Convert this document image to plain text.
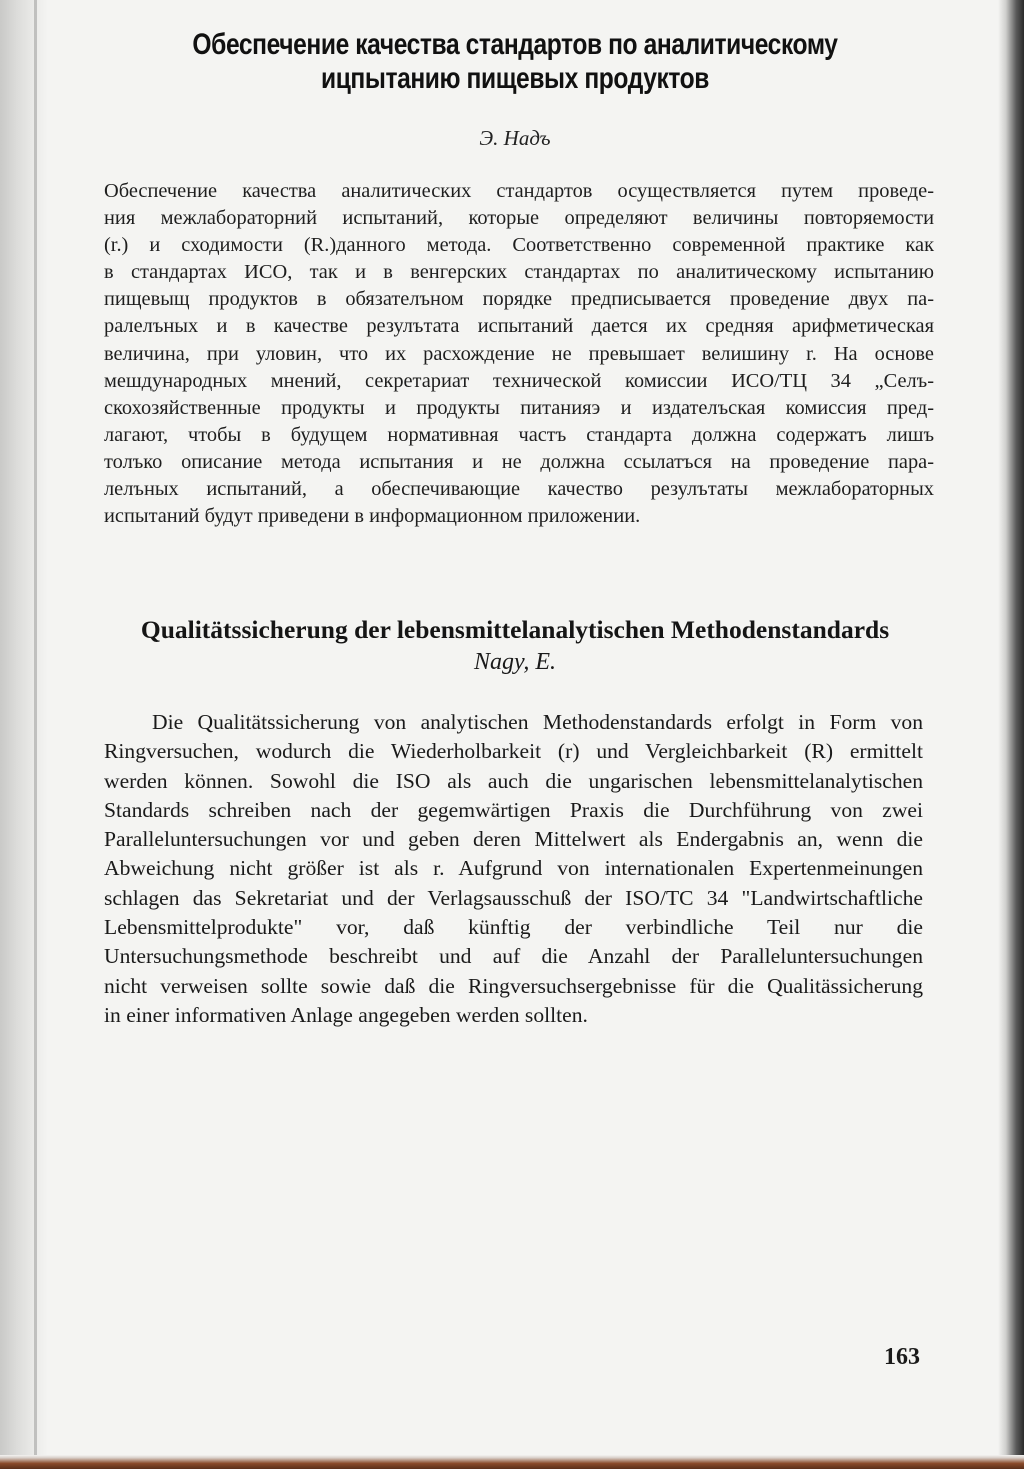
Обеспечение качества стандартов по аналитическому
ицпытанию пищевых продуктов
Э. Надъ
Обеспечение качества аналитических стандартов осуществляется путем проведе-
ния межлабораторний испытаний, которые определяют величины повторяемости
(r.) и сходимости (R.)данного метода. Соответственно современной практике как
в стандартах ИСО, так и в венгерских стандартах по аналитическому испытанию
пищевыщ продуктов в обязателъном порядке предписывается проведение двух па-
ралелъных и в качестве резулътата испытаний дается их средняя арифметическая
величина, при уловин, что их расхождение не превышает велишину r. На основе
мешдународных мнений, секретариат технической комиссии ИСО/ТЦ 34 „Селъ-
скохозяйственные продукты и продукты питанияэ и издателъская комиссия пред-
лагают, чтобы в будущем нормативная частъ стандарта должна содержатъ лишъ
толъко описание метода испытания и не должна ссылатъся на проведение пара-
лелъных испытаний, а обеспечивающие качество резулътаты межлабораторных
испытаний будут приведени в информационном приложении.
Qualitätssicherung der lebensmittelanalytischen Methodenstandards
Nagy, E.
Die Qualitätssicherung von analytischen Methodenstandards erfolgt in Form von
Ringversuchen, wodurch die Wiederholbarkeit (r) und Vergleichbarkeit (R) ermittelt
werden können. Sowohl die ISO als auch die ungarischen lebensmittelanalytischen
Standards schreiben nach der gegemwärtigen Praxis die Durchführung von zwei
Paralleluntersuchungen vor und geben deren Mittelwert als Endergabnis an, wenn die
Abweichung nicht größer ist als r. Aufgrund von internationalen Expertenmeinungen
schlagen das Sekretariat und der Verlagsausschuß der ISO/TC 34 "Landwirtschaftliche
Lebensmittelprodukte" vor, daß künftig der verbindliche Teil nur die
Untersuchungsmethode beschreibt und auf die Anzahl der Paralleluntersuchungen
nicht verweisen sollte sowie daß die Ringversuchsergebnisse für die Qualitässicherung
in einer informativen Anlage angegeben werden sollten.
163
